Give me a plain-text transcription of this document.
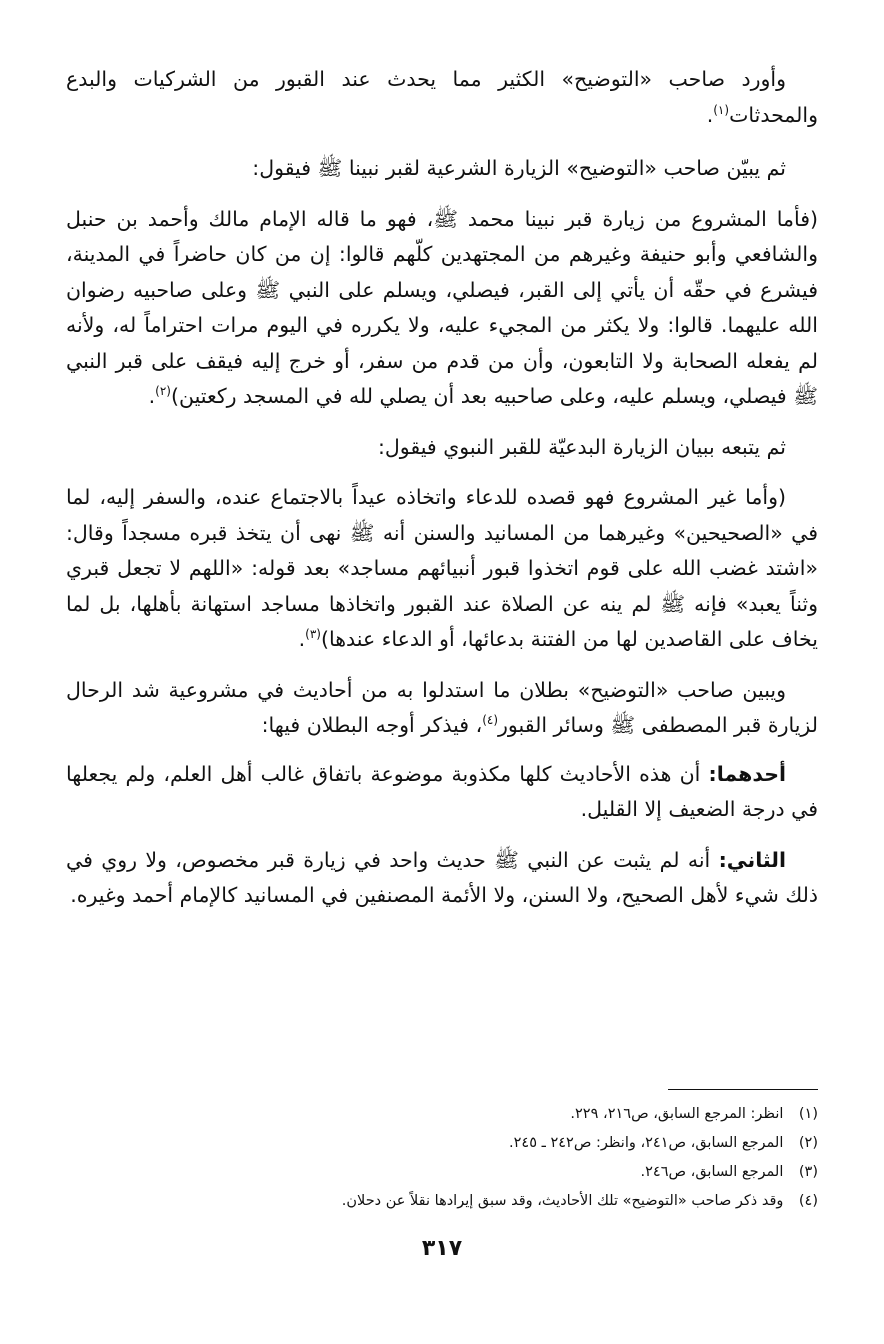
وأورد صاحب «التوضيح» الكثير مما يحدث عند القبور من الشركيات والبدع والمحدثات$^{(١)}$.

ثم يبيّن صاحب «التوضيح» الزيارة الشرعية لقبر نبينا ﷺ فيقول:

(فأما المشروع من زيارة قبر نبينا محمد ﷺ، فهو ما قاله الإمام مالك وأحمد بن حنبل والشافعي وأبو حنيفة وغيرهم من المجتهدين كلّهم قالوا: إن من كان حاضراً في المدينة، فيشرع في حقّه أن يأتي إلى القبر، فيصلي، ويسلم على النبي ﷺ وعلى صاحبيه رضوان الله عليهما. قالوا: ولا يكثر من المجيء عليه، ولا يكرره في اليوم مرات احتراماً له، ولأنه لم يفعله الصحابة ولا التابعون، وأن من قدم من سفر، أو خرج إليه فيقف على قبر النبي ﷺ فيصلي، ويسلم عليه، وعلى صاحبيه بعد أن يصلي لله في المسجد ركعتين)$^{(٢)}$.

ثم يتبعه ببيان الزيارة البدعيّة للقبر النبوي فيقول:

(وأما غير المشروع فهو قصده للدعاء واتخاذه عيداً بالاجتماع عنده، والسفر إليه، لما في «الصحيحين» وغيرهما من المسانيد والسنن أنه ﷺ نهى أن يتخذ قبره مسجداً وقال: «اشتد غضب الله على قوم اتخذوا قبور أنبيائهم مساجد» بعد قوله: «اللهم لا تجعل قبري وثناً يعبد» فإنه ﷺ لم ينه عن الصلاة عند القبور واتخاذها مساجد استهانة بأهلها، بل لما يخاف على القاصدين لها من الفتنة بدعائها، أو الدعاء عندها)$^{(٣)}$.

ويبين صاحب «التوضيح» بطلان ما استدلوا به من أحاديث في مشروعية شد الرحال لزيارة قبر المصطفى ﷺ وسائر القبور$^{(٤)}$، فيذكر أوجه البطلان فيها:

أحدهما: أن هذه الأحاديث كلها مكذوبة موضوعة باتفاق غالب أهل العلم، ولم يجعلها في درجة الضعيف إلا القليل.

الثاني: أنه لم يثبت عن النبي ﷺ حديث واحد في زيارة قبر مخصوص، ولا روي في ذلك شيء لأهل الصحيح، ولا السنن، ولا الأئمة المصنفين في المسانيد كالإمام أحمد وغيره.

(١) انظر: المرجع السابق، ص٢١٦، ٢٢٩.

(٢) المرجع السابق، ص٢٤١، وانظر: ص٢٤٢ ـ ٢٤٥.

(٣) المرجع السابق، ص٢٤٦.

(٤) وقد ذكر صاحب «التوضيح» تلك الأحاديث، وقد سبق إيرادها نقلاً عن دحلان.

٣١٧
